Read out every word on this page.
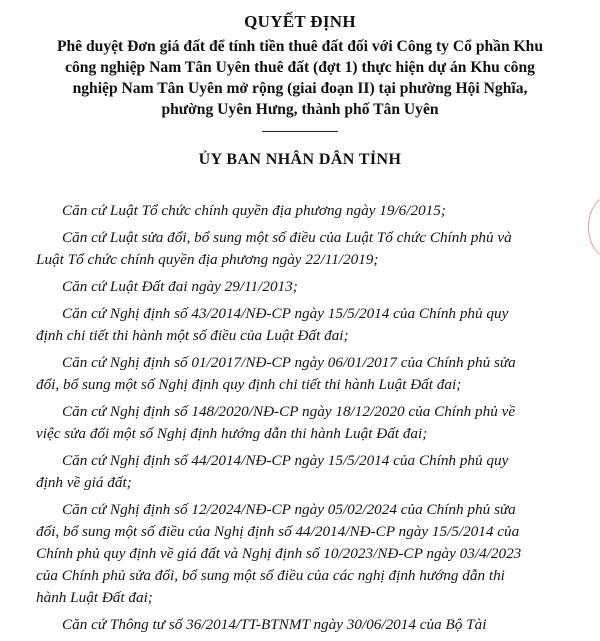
QUYẾT ĐỊNH
Phê duyệt Đơn giá đất để tính tiền thuê đất đối với Công ty Cổ phần Khu
công nghiệp Nam Tân Uyên thuê đất (đợt 1) thực hiện dự án Khu công
nghiệp Nam Tân Uyên mở rộng (giai đoạn II) tại phường Hội Nghĩa,
phường Uyên Hưng, thành phố Tân Uyên
ỦY BAN NHÂN DÂN TỈNH

Căn cứ Luật Tổ chức chính quyền địa phương ngày 19/6/2015;

Căn cứ Luật sửa đổi, bổ sung một số điều của Luật Tổ chức Chính phủ và
Luật Tổ chức chính quyền địa phương ngày 22/11/2019;

Căn cứ Luật Đất đai ngày 29/11/2013;

Căn cứ Nghị định số 43/2014/NĐ-CP ngày 15/5/2014 của Chính phủ quy
định chi tiết thi hành một số điều của Luật Đất đai;

Căn cứ Nghị định số 01/2017/NĐ-CP ngày 06/01/2017 của Chính phủ sửa
đổi, bổ sung một số Nghị định quy định chi tiết thi hành Luật Đất đai;

Căn cứ Nghị định số 148/2020/NĐ-CP ngày 18/12/2020 của Chính phủ về
việc sửa đổi một số Nghị định hướng dẫn thi hành Luật Đất đai;

Căn cứ Nghị định số 44/2014/NĐ-CP ngày 15/5/2014 của Chính phủ quy
định về giá đất;

Căn cứ Nghị định số 12/2024/NĐ-CP ngày 05/02/2024 của Chính phủ sửa
đổi, bổ sung một số điều của Nghị định số 44/2014/NĐ-CP ngày 15/5/2014 của
Chính phủ quy định về giá đất và Nghị định số 10/2023/NĐ-CP ngày 03/4/2023
của Chính phủ sửa đổi, bổ sung một số điều của các nghị định hướng dẫn thi
hành Luật Đất đai;

Căn cứ Thông tư số 36/2014/TT-BTNMT ngày 30/06/2014 của Bộ Tài
